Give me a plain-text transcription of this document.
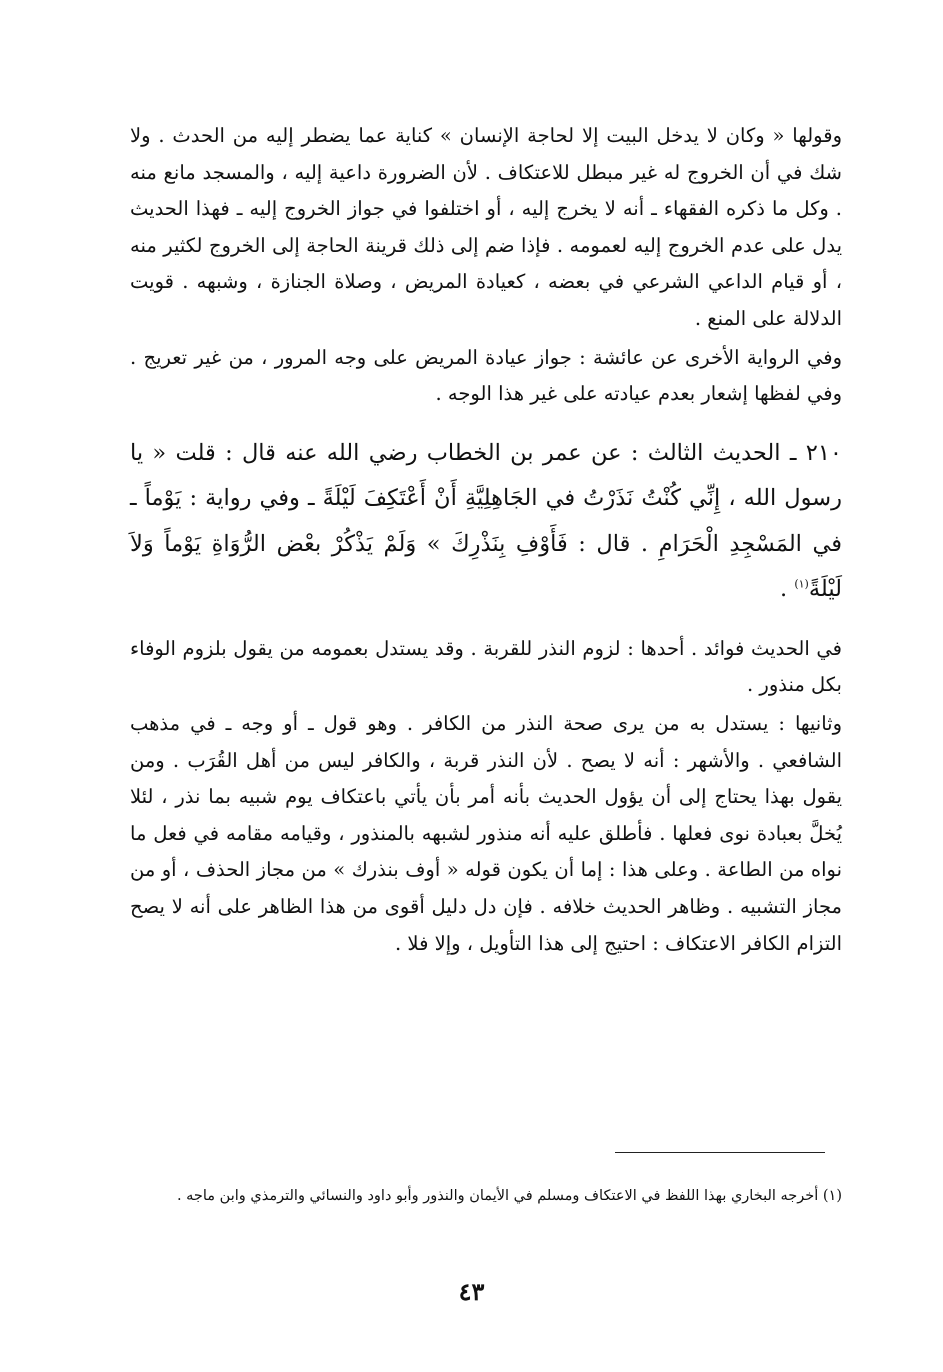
وقولها « وكان لا يدخل البيت إلا لحاجة الإنسان » كناية عما يضطر إليه من الحدث . ولا شك في أن الخروج له غير مبطل للاعتكاف . لأن الضرورة داعية إليه ، والمسجد مانع منه . وكل ما ذكره الفقهاء ـ أنه لا يخرج إليه ، أو اختلفوا في جواز الخروج إليه ـ فهذا الحديث يدل على عدم الخروج إليه لعمومه . فإذا ضم إلى ذلك قرينة الحاجة إلى الخروج لكثير منه ، أو قيام الداعي الشرعي في بعضه ، كعيادة المريض ، وصلاة الجنازة ، وشبهه . قويت الدلالة على المنع .

وفي الرواية الأخرى عن عائشة : جواز عيادة المريض على وجه المرور ، من غير تعريج . وفي لفظها إشعار بعدم عيادته على غير هذا الوجه .

٢١٠ ـ الحديث الثالث : عن عمر بن الخطاب رضي الله عنه قال : قلت « يا رسول الله ، إِنِّي كُنْتُ نَذَرْتُ في الجَاهِلِيَّةِ أَنْ أَعْتَكِفَ لَيْلَةً ـ وفي رواية : يَوْماً ـ في المَسْجِدِ الْحَرَامِ . قال : فَأَوْفِ بِنَذْرِكَ » وَلَمْ يَذْكُرْ بعْض الرُّوَاةِ يَوْماً وَلاَ لَيْلَةً$^{(١)}$ .

في الحديث فوائد . أحدها : لزوم النذر للقربة . وقد يستدل بعمومه من يقول بلزوم الوفاء بكل منذور .

وثانيها : يستدل به من يرى صحة النذر من الكافر . وهو قول ـ أو وجه ـ في مذهب الشافعي . والأشهر : أنه لا يصح . لأن النذر قربة ، والكافر ليس من أهل القُرَب . ومن يقول بهذا يحتاج إلى أن يؤول الحديث بأنه أمر بأن يأتي باعتكاف يوم شبيه بما نذر ، لئلا يُخلَّ بعبادة نوى فعلها . فأطلق عليه أنه منذور لشبهه بالمنذور ، وقيامه مقامه في فعل ما نواه من الطاعة . وعلى هذا : إما أن يكون قوله « أوف بنذرك » من مجاز الحذف ، أو من مجاز التشبيه . وظاهر الحديث خلافه . فإن دل دليل أقوى من هذا الظاهر على أنه لا يصح التزام الكافر الاعتكاف : احتيج إلى هذا التأويل ، وإلا فلا .

(١) أخرجه البخاري بهذا اللفظ في الاعتكاف ومسلم في الأيمان والنذور وأبو داود والنسائي والترمذي وابن ماجه .

٤٣
